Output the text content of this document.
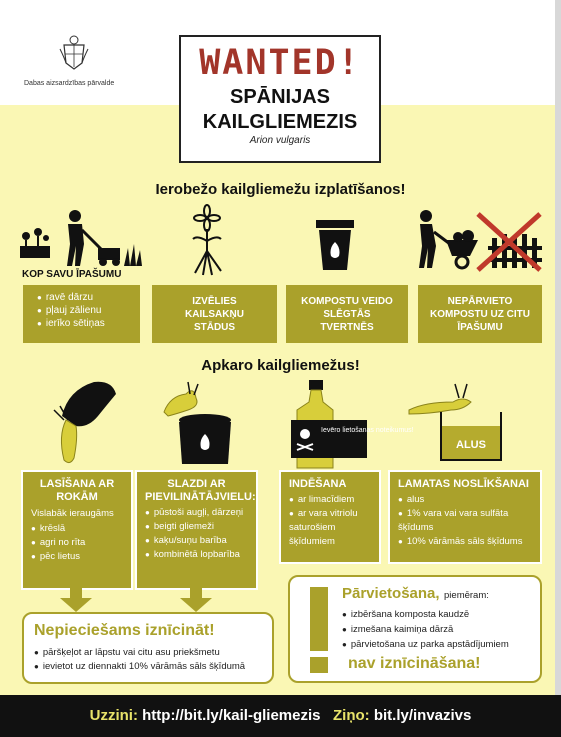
Dabas aizsardzības pārvalde
WANTED!
SPĀNIJAS
KAILGLIEMEZIS
Arion vulgaris
Ierobežo kailgliemežu izplatīšanos!
KOP SAVU ĪPAŠUMU
● ravē dārzu
● pļauj zālienu
● ierīko sētiņas
IZVĒLIES KAILSAKŅU STĀDUS
KOMPOSTU VEIDO SLĒGTĀS TVERTNĒS
NEPĀRVIETO KOMPOSTU UZ CITU ĪPAŠUMU
Apkaro kailgliemežus!
Ievēro lietošanas noteikumus!
ALUS
LASĪŠANA AR ROKĀM
Vislabāk ieraugāms
● krēslā
● agri no rīta
● pēc lietus
SLAZDI AR PIEVILINĀTĀJVIELU:
● pūstoši augļi, dārzeņi
● beigti gliemeži
● kaķu/suņu barība
● kombinētā lopbarība
INDĒŠANA
● ar limacīdiem
● ar vara vitriolu saturošiem šķīdumiem
LAMATAS NOSLĪKŠANAI
● alus
● 1% vara vai vara sulfāta šķīdums
● 10% vārāmās sāls šķīdums
Nepieciešams iznīcināt!
● pāršķeļot ar lāpstu vai citu asu priekšmetu
● ievietot uz diennakti 10% vārāmās sāls šķīdumā
Pārvietošana, piemēram:
● izbēršana komposta kaudzē
● izmešana kaimiņa dārzā
● pārvietošana uz parka apstādījumiem
nav iznīcināšana!
Uzzini: http://bit.ly/kail-gliemezis Ziņo: bit.ly/invazivs
